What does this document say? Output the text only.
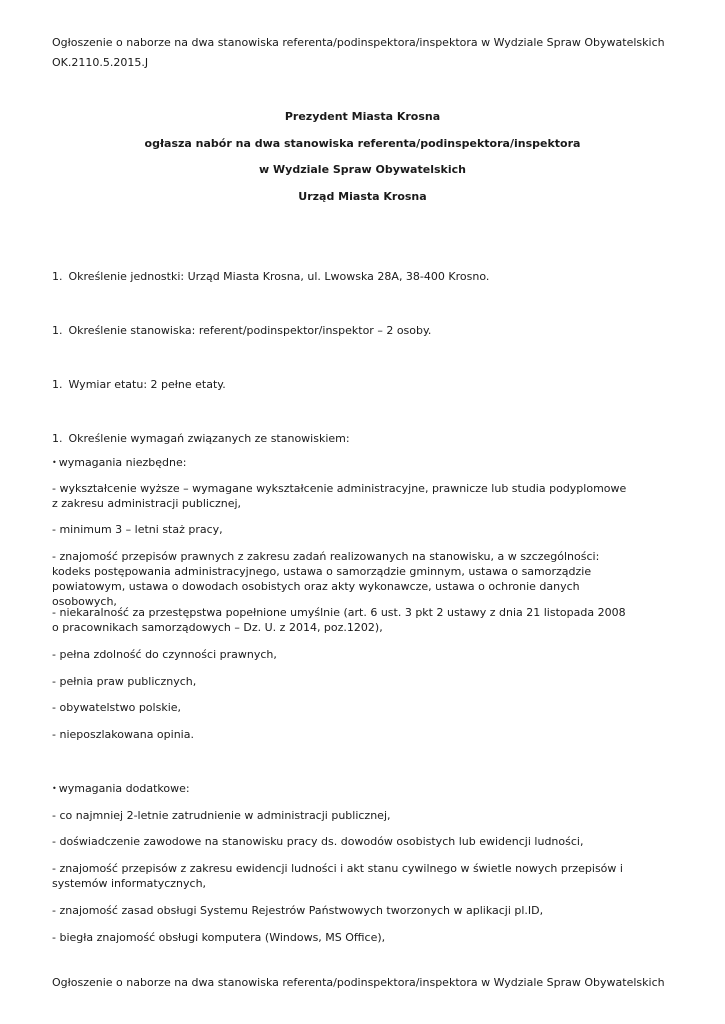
Ogłoszenie o naborze na dwa stanowiska referenta/podinspektora/inspektora w Wydziale Spraw Obywatelskich

OK.2110.5.2015.J

Prezydent Miasta Krosna

ogłasza nabór na dwa stanowiska referenta/podinspektora/inspektora

w Wydziale Spraw Obywatelskich

Urząd Miasta Krosna

1. Określenie jednostki: Urząd Miasta Krosna, ul. Lwowska 28A, 38-400 Krosno.

1. Określenie stanowiska: referent/podinspektor/inspektor – 2 osoby.

1. Wymiar etatu: 2 pełne etaty.

1. Określenie wymagań związanych ze stanowiskiem:

• wymagania niezbędne:

- wykształcenie wyższe – wymagane wykształcenie administracyjne, prawnicze lub studia podyplomowe z zakresu administracji publicznej,

- minimum 3 – letni staż pracy,

- znajomość przepisów prawnych z zakresu zadań realizowanych na stanowisku, a w szczególności: kodeks postępowania administracyjnego, ustawa o samorządzie gminnym, ustawa o samorządzie powiatowym, ustawa o dowodach osobistych oraz akty wykonawcze, ustawa o ochronie danych osobowych,

- niekaralność za przestępstwa popełnione umyślnie (art. 6 ust. 3 pkt 2 ustawy z dnia 21 listopada 2008 o pracownikach samorządowych – Dz. U. z 2014, poz.1202),

- pełna zdolność do czynności prawnych,

- pełnia praw publicznych,

- obywatelstwo polskie,

- nieposzlakowana opinia.

• wymagania dodatkowe:

- co najmniej 2-letnie zatrudnienie w administracji publicznej,

- doświadczenie zawodowe na stanowisku pracy ds. dowodów osobistych lub ewidencji ludności,

- znajomość przepisów z zakresu ewidencji ludności i akt stanu cywilnego w świetle nowych przepisów i systemów informatycznych,

- znajomość zasad obsługi Systemu Rejestrów Państwowych tworzonych w aplikacji pl.ID,

- biegła znajomość obsługi komputera (Windows, MS Office),

Ogłoszenie o naborze na dwa stanowiska referenta/podinspektora/inspektora w Wydziale Spraw Obywatelskich
